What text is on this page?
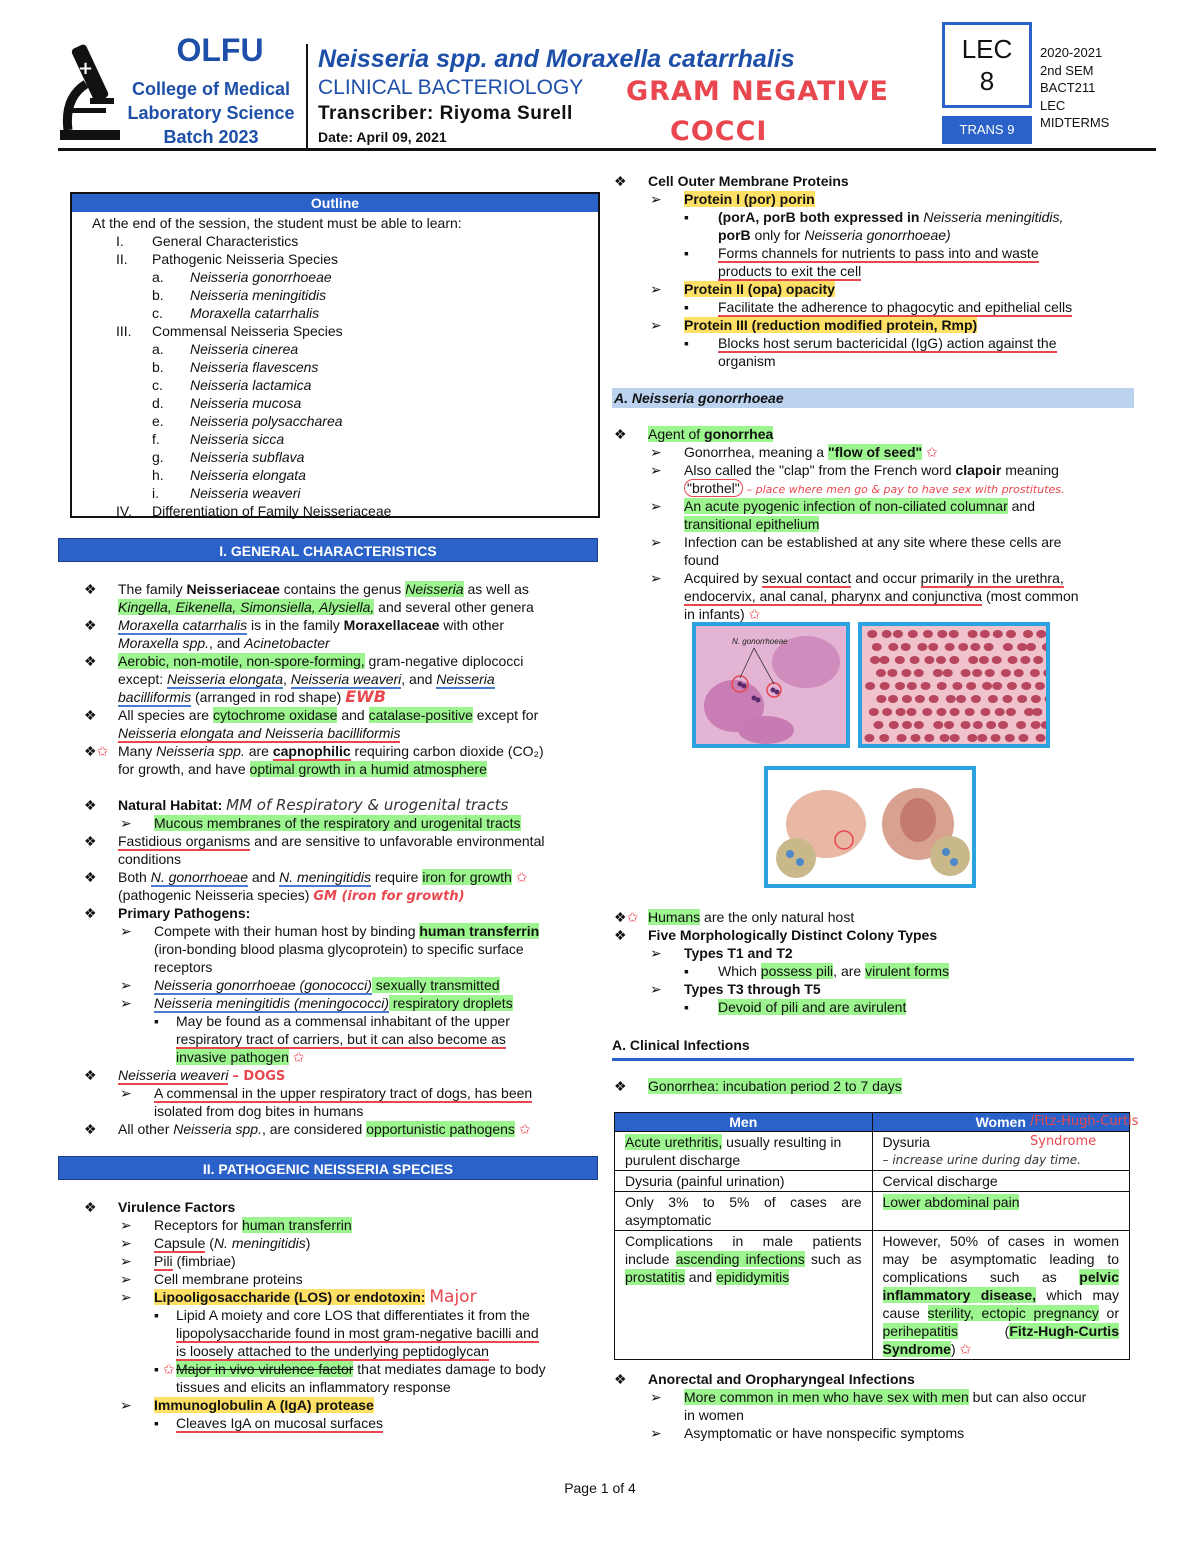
+
OLFU
College of Medical
Laboratory Science
Batch 2023
Neisseria spp. and Moraxella catarrhalis
CLINICAL BACTERIOLOGY
Transcriber: Riyoma Surell
Date: April 09, 2021
GRAM NEGATIVE
COCCI
LEC
8
TRANS 9
2020-2021
2nd SEM
BACT211
LEC
MIDTERMS
Outline
At the end of the session, the student must be able to learn:
I. General Characteristics
II. Pathogenic Neisseria Species
a. Neisseria gonorrhoeae
b. Neisseria meningitidis
c. Moraxella catarrhalis
III. Commensal Neisseria Species
a. Neisseria cinerea
b. Neisseria flavescens
c. Neisseria lactamica
d. Neisseria mucosa
e. Neisseria polysaccharea
f. Neisseria sicca
g. Neisseria subflava
h. Neisseria elongata
i. Neisseria weaveri
IV. Differentiation of Family Neisseriaceae
I. GENERAL CHARACTERISTICS
❖ The family Neisseriaceae contains the genus Neisseria as well as
Kingella, Eikenella, Simonsiella, Alysiella, and several other genera
❖ Moraxella catarrhalis is in the family Moraxellaceae with other
Moraxella spp., and Acinetobacter
❖ Aerobic, non-motile, non-spore-forming, gram-negative diplococci
except: Neisseria elongata, Neisseria weaveri, and Neisseria
bacilliformis (arranged in rod shape) EWB
❖ All species are cytochrome oxidase and catalase-positive except for
Neisseria elongata and Neisseria bacilliformis
❖✩ Many Neisseria spp. are capnophilic requiring carbon dioxide (CO₂)
for growth, and have optimal growth in a humid atmosphere
❖ Natural Habitat: MM of Respiratory & urogenital tracts
➢ Mucous membranes of the respiratory and urogenital tracts
❖ Fastidious organisms and are sensitive to unfavorable environmental
conditions
❖ Both N. gonorrhoeae and N. meningitidis require iron for growth ✩
(pathogenic Neisseria species) GM (iron for growth)
❖ Primary Pathogens:
➢ Compete with their human host by binding human transferrin
(iron-bonding blood plasma glycoprotein) to specific surface
receptors
➢ Neisseria gonorrhoeae (gonococci) sexually transmitted
➢ Neisseria meningitidis (meningococci) respiratory droplets
▪ May be found as a commensal inhabitant of the upper
respiratory tract of carriers, but it can also become as
invasive pathogen ✩
❖ Neisseria weaveri – DOGS
➢ A commensal in the upper respiratory tract of dogs, has been
isolated from dog bites in humans
❖ All other Neisseria spp., are considered opportunistic pathogens ✩
II. PATHOGENIC NEISSERIA SPECIES
❖ Virulence Factors
➢ Receptors for human transferrin
➢ Capsule (N. meningitidis)
➢ Pili (fimbriae)
➢ Cell membrane proteins
➢ Lipooligosaccharide (LOS) or endotoxin: Major
▪ Lipid A moiety and core LOS that differentiates it from the
lipopolysaccharide found in most gram-negative bacilli and
is loosely attached to the underlying peptidoglycan
▪ ✩ Major in vivo virulence factor that mediates damage to body
tissues and elicits an inflammatory response
➢ Immunoglobulin A (IgA) protease
▪ Cleaves IgA on mucosal surfaces
❖ Cell Outer Membrane Proteins
➢ Protein I (por) porin
▪ (porA, porB both expressed in Neisseria meningitidis,
porB only for Neisseria gonorrhoeae)
▪ Forms channels for nutrients to pass into and waste
products to exit the cell
➢ Protein II (opa) opacity
▪ Facilitate the adherence to phagocytic and epithelial cells
➢ Protein III (reduction modified protein, Rmp)
▪ Blocks host serum bactericidal (IgG) action against the
organism
A. Neisseria gonorrhoeae
❖ Agent of gonorrhea
➢ Gonorrhea, meaning a "flow of seed" ✩
➢ Also called the "clap" from the French word clapoir meaning
"brothel" – place where men go & pay to have sex with prostitutes.
➢ An acute pyogenic infection of non-ciliated columnar and
transitional epithelium
➢ Infection can be established at any site where these cells are
found
➢ Acquired by sexual contact and occur primarily in the urethra,
endocervix, anal canal, pharynx and conjunctiva (most common
in infants) ✩
N. gonorrhoeae
❖✩ Humans are the only natural host
❖ Five Morphologically Distinct Colony Types
➢ Types T1 and T2
▪ Which possess pili, are virulent forms
➢ Types T3 through T5
▪ Devoid of pili and are avirulent
A. Clinical Infections
❖ Gonorrhea: incubation period 2 to 7 days
Men	Women
Acute urethritis, usually resulting in purulent discharge	Dysuria
– increase urine during day time.

Dysuria (painful urination)	Cervical discharge
Only 3% to 5% of cases are asymptomatic	Lower abdominal pain
Complications in male patients include ascending infections such as prostatitis and epididymitis	However, 50% of cases in women may be asymptomatic leading to complications such as pelvic inflammatory disease, which may cause sterility, ectopic pregnancy or perihepatitis (Fitz-Hugh-Curtis Syndrome) ✩
/Fitz-Hugh-Curtis Syndrome
❖ Anorectal and Oropharyngeal Infections
➢ More common in men who have sex with men but can also occur
in women
➢ Asymptomatic or have nonspecific symptoms
Page 1 of 4
